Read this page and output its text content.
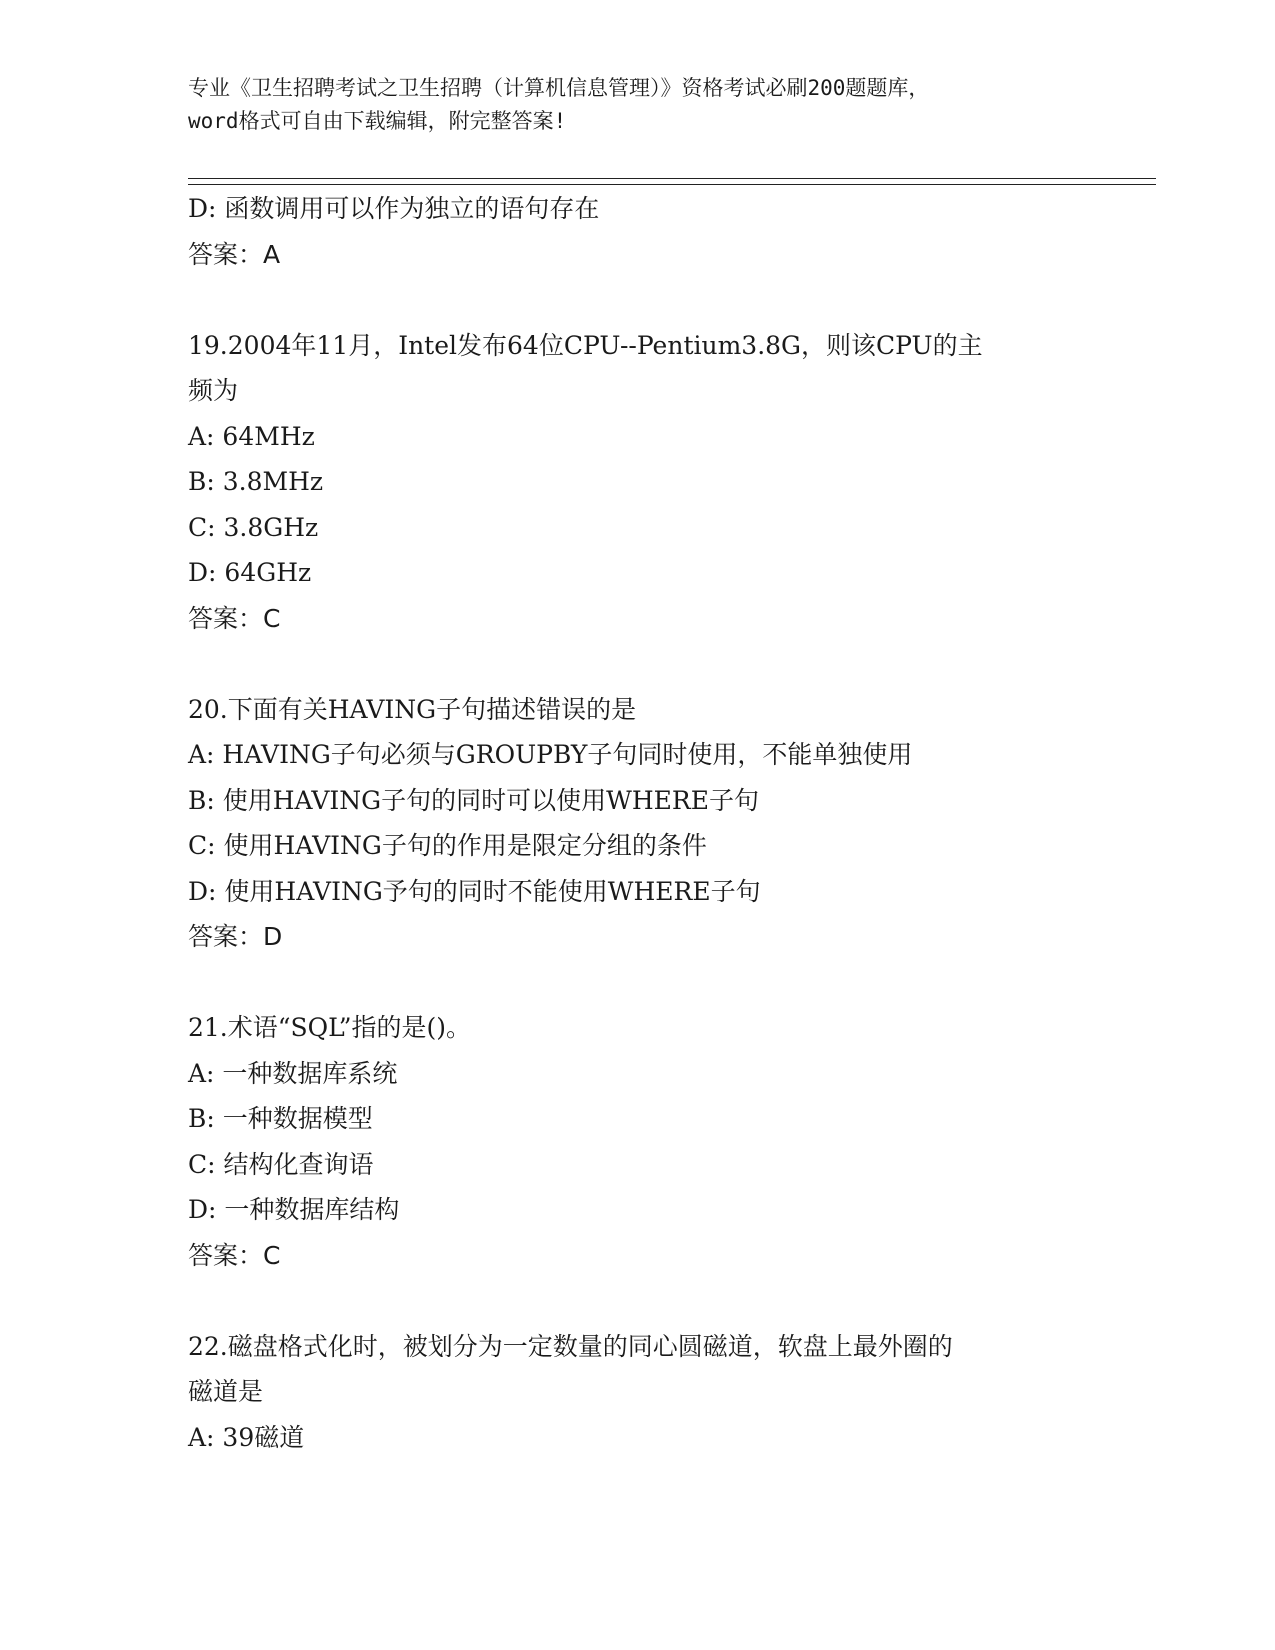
专业《卫生招聘考试之卫生招聘（计算机信息管理）》资格考试必刷200题题库，
word格式可自由下载编辑，附完整答案!
D: 函数调用可以作为独立的语句存在
答案：A
19.2004年11月，Intel发布64位CPU--Pentium3.8G，则该CPU的主
频为
A: 64MHz
B: 3.8MHz
C: 3.8GHz
D: 64GHz
答案：C
20.下面有关HAVING子句描述错误的是
A: HAVING子句必须与GROUPBY子句同时使用，不能单独使用
B: 使用HAVING子句的同时可以使用WHERE子句
C: 使用HAVING子句的作用是限定分组的条件
D: 使用HAVING予句的同时不能使用WHERE子句
答案：D
21.术语“SQL”指的是()。
A: 一种数据库系统
B: 一种数据模型
C: 结构化查询语
D: 一种数据库结构
答案：C
22.磁盘格式化时，被划分为一定数量的同心圆磁道，软盘上最外圈的
磁道是
A: 39磁道
